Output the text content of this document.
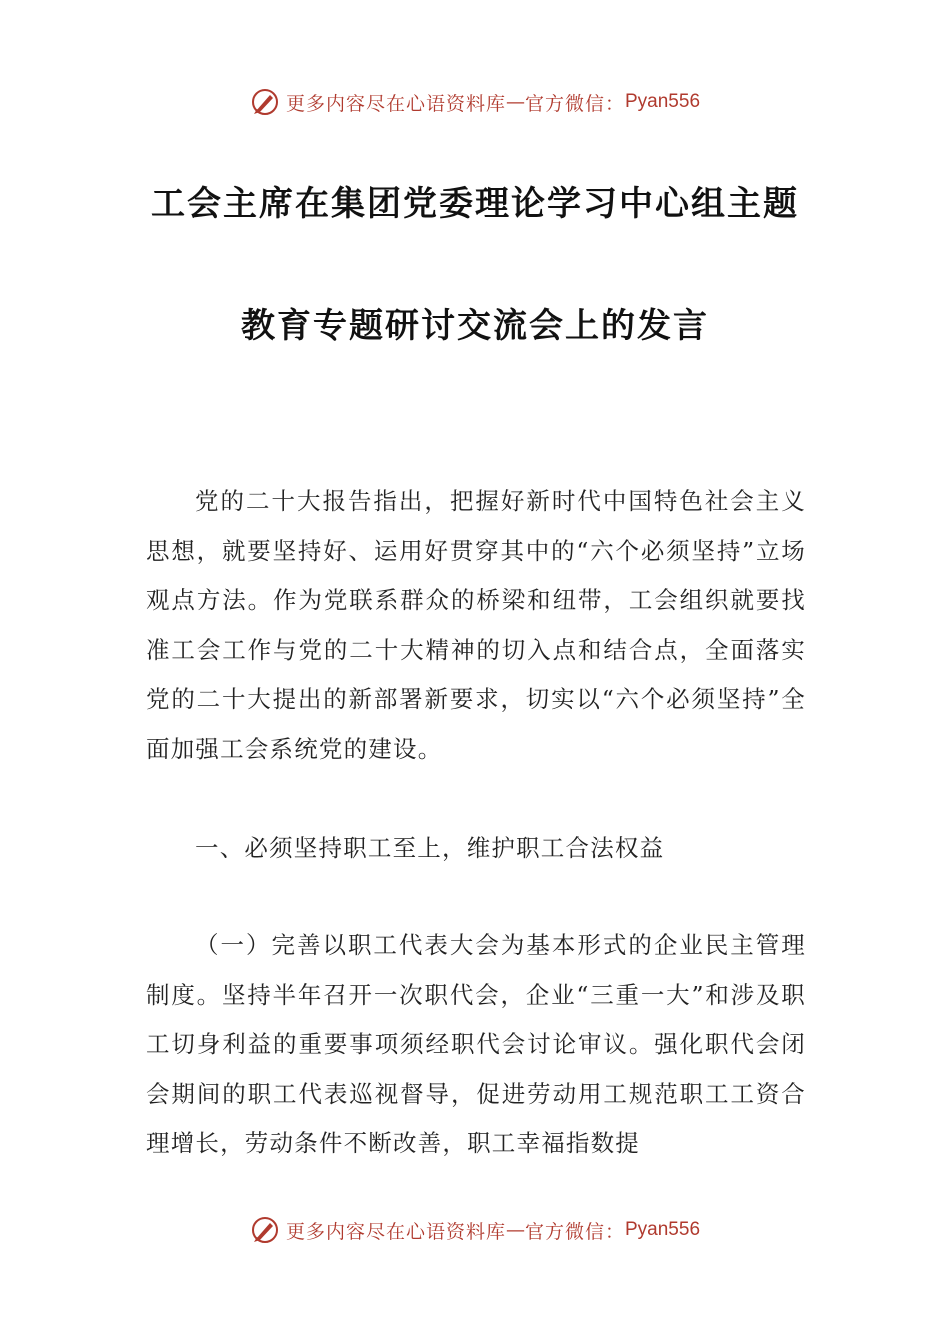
更多内容尽在心语资料库 — 官方微信： Pyan556
工会主席在集团党委理论学习中心组主题
教育专题研讨交流会上的发言

党的二十大报告指出，把握好新时代中国特色社会主义思想，就要坚持好、运用好贯穿其中的“六个必须坚持”立场观点方法。作为党联系群众的桥梁和纽带，工会组织就要找准工会工作与党的二十大精神的切入点和结合点，全面落实党的二十大提出的新部署新要求，切实以“六个必须坚持”全面加强工会系统党的建设。

一、必须坚持职工至上，维护职工合法权益

（一）完善以职工代表大会为基本形式的企业民主管理制度。坚持半年召开一次职代会，企业“三重一大”和涉及职工切身利益的重要事项须经职代会讨论审议。强化职代会闭会期间的职工代表巡视督导，促进劳动用工规范职工工资合理增长，劳动条件不断改善，职工幸福指数提

更多内容尽在心语资料库 — 官方微信： Pyan556
